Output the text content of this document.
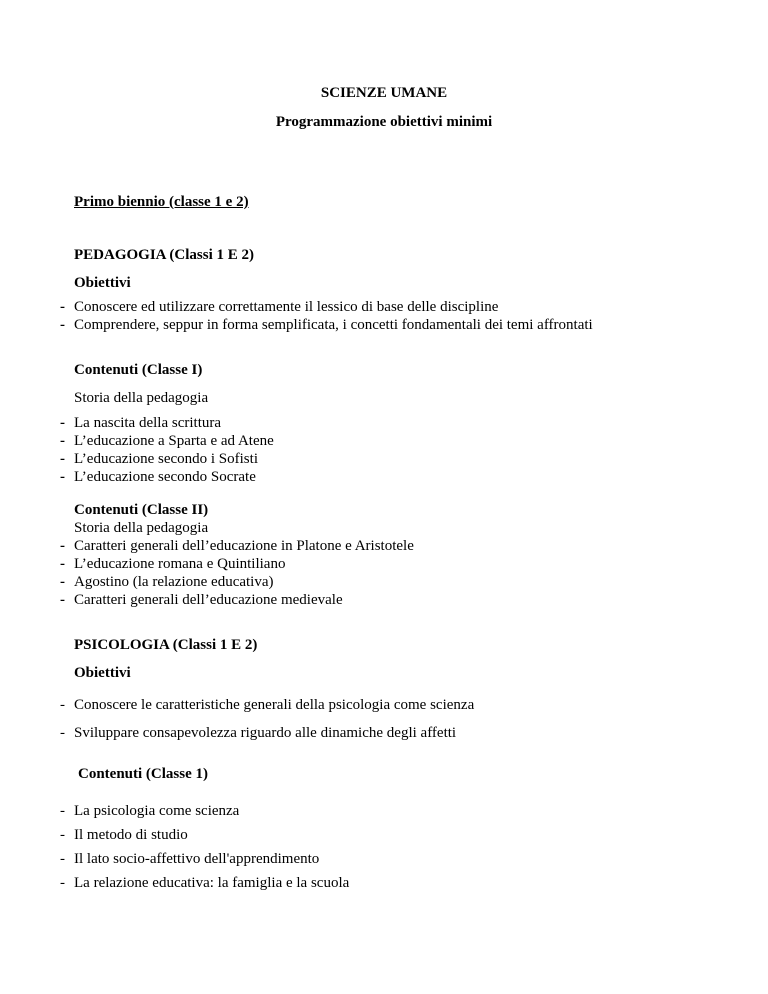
SCIENZE UMANE
Programmazione obiettivi minimi
Primo biennio (classe 1 e 2)
PEDAGOGIA (Classi 1 E 2)
Obiettivi
- Conoscere ed utilizzare correttamente il lessico di base delle discipline
- Comprendere, seppur in forma semplificata, i concetti fondamentali dei temi affrontati
Contenuti (Classe I)
Storia della pedagogia
- La nascita della scrittura
- L’educazione a Sparta e ad Atene
- L’educazione secondo i Sofisti
- L’educazione secondo Socrate
Contenuti (Classe II)
Storia della pedagogia
- Caratteri generali dell’educazione in Platone e Aristotele
- L’educazione romana e Quintiliano
- Agostino (la relazione educativa)
- Caratteri generali dell’educazione medievale
PSICOLOGIA (Classi 1 E 2)
Obiettivi
- Conoscere le caratteristiche generali della psicologia come scienza
- Sviluppare consapevolezza riguardo alle dinamiche degli affetti
Contenuti (Classe 1)
- La psicologia come scienza
- Il metodo di studio
- Il lato socio-affettivo dell'apprendimento
- La relazione educativa: la famiglia e la scuola
